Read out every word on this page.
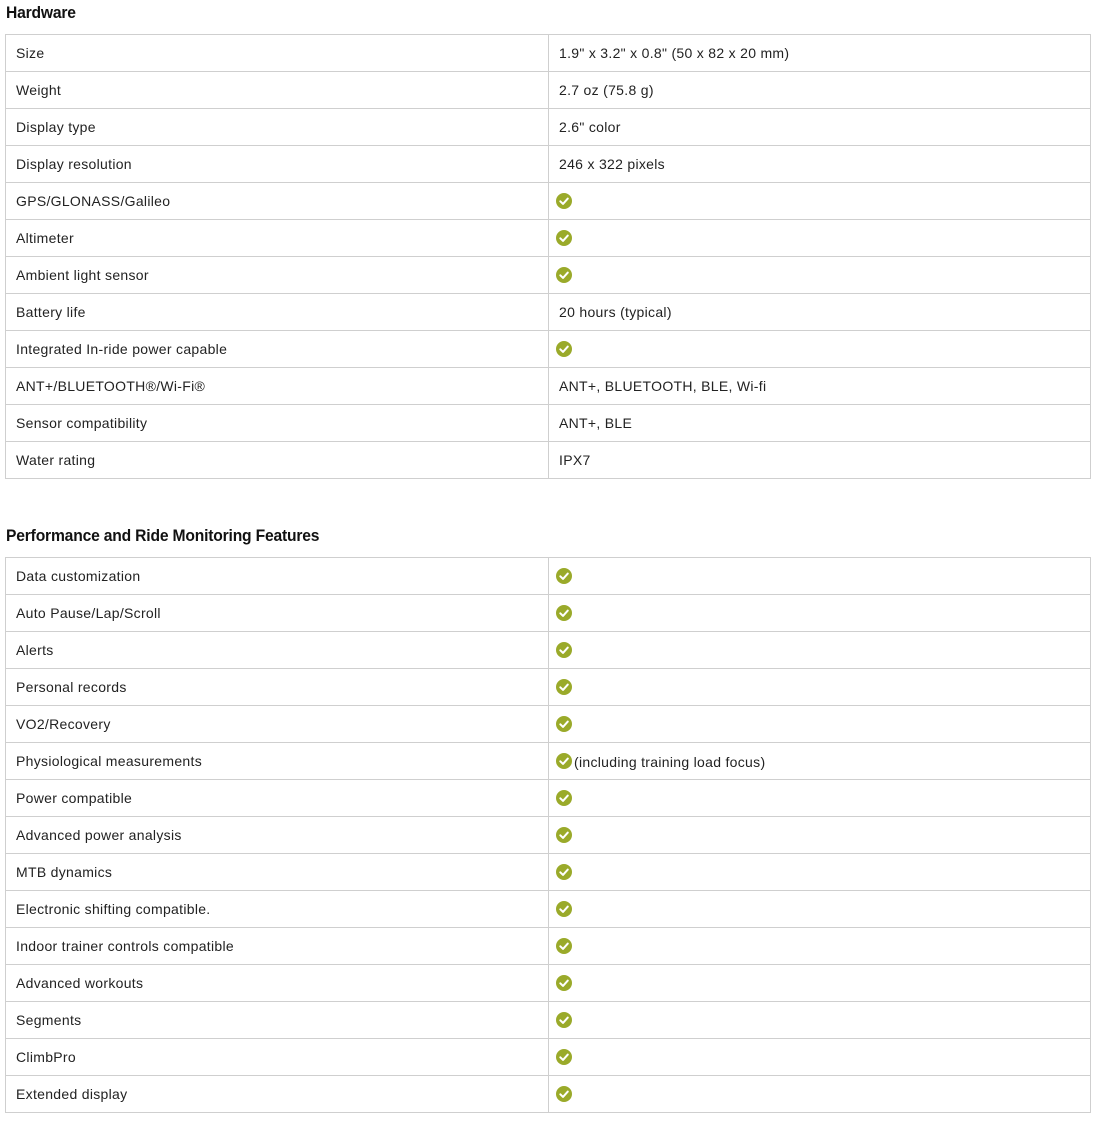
Hardware
Size	1.9" x 3.2" x 0.8" (50 x 82 x 20 mm)
Weight	2.7 oz (75.8 g)
Display type	2.6" color
Display resolution	246 x 322 pixels
GPS/GLONASS/Galileo	

Altimeter	

Ambient light sensor	

Battery life	20 hours (typical)
Integrated In-ride power capable	

ANT+/BLUETOOTH®/Wi-Fi®	ANT+, BLUETOOTH, BLE, Wi-fi
Sensor compatibility	ANT+, BLE
Water rating	IPX7
Performance and Ride Monitoring Features
Data customization	

Auto Pause/Lap/Scroll	

Alerts	

Personal records	

VO2/Recovery	

Physiological measurements	(including training load focus)
Power compatible	

Advanced power analysis	

MTB dynamics	

Electronic shifting compatible.	

Indoor trainer controls compatible	

Advanced workouts	

Segments	

ClimbPro	

Extended display	
